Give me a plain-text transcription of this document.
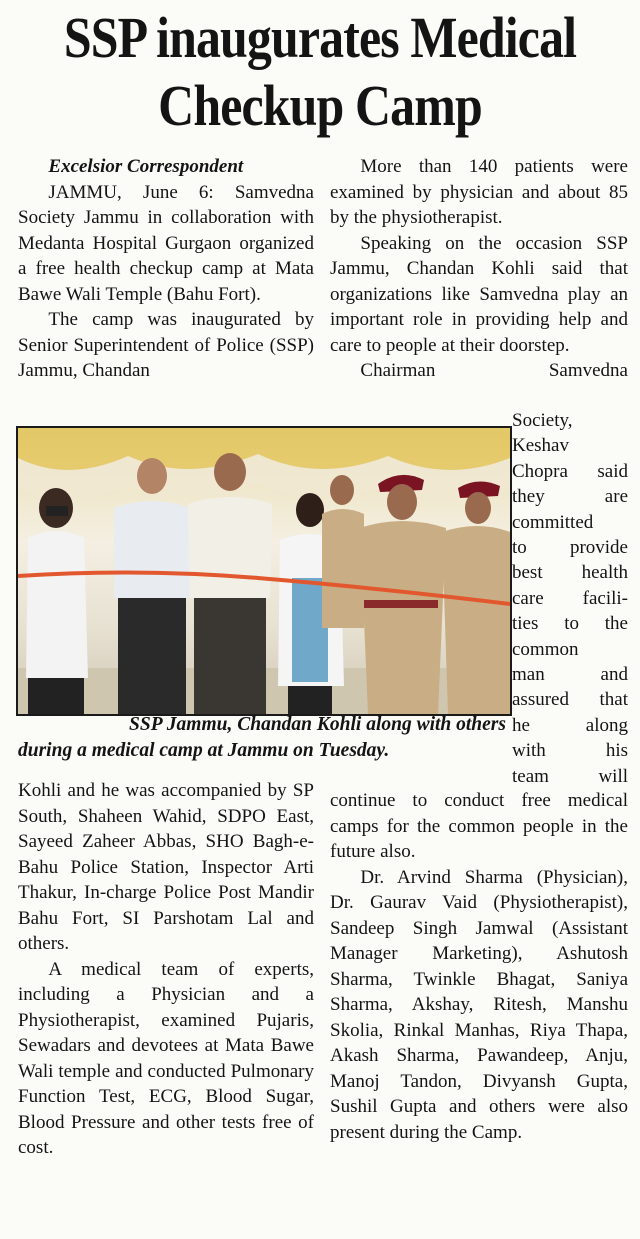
SSP inaugurates Medical
Checkup Camp

Excelsior Correspondent

JAMMU, June 6: Samvedna Society Jammu in collaboration with Medanta Hospital Gurgaon organized a free health checkup camp at Mata Bawe Wali Temple (Bahu Fort).

The camp was inaugurated by Senior Superintendent of Police (SSP) Jammu, Chandan

More than 140 patients were examined by physician and about 85 by the physiotherapist.

Speaking on the occasion SSP Jammu, Chandan Kohli said that organizations like Samvedna play an important role in providing help and care to people at their doorstep.

Chairman Samvedna

Society,

Keshav

Chopra said

they are

committed

to provide

best health

care facili-

ties to the

common

man and

assured that

he along

with his

team will

SSP Jammu, Chandan Kohli along with others
during a medical camp at Jammu on Tuesday.

Kohli and he was accompanied by SP South, Shaheen Wahid, SDPO East, Sayeed Zaheer Abbas, SHO Bagh-e-Bahu Police Station, Inspector Arti Thakur, In-charge Police Post Mandir Bahu Fort, SI Parshotam Lal and others.

A medical team of experts, including a Physician and a Physiotherapist, examined Pujaris, Sewadars and devotees at Mata Bawe Wali temple and conducted Pulmonary Function Test, ECG, Blood Sugar, Blood Pressure and other tests free of cost.

continue to conduct free medical camps for the common people in the future also.

Dr. Arvind Sharma (Physician), Dr. Gaurav Vaid (Physiotherapist), Sandeep Singh Jamwal (Assistant Manager Marketing), Ashutosh Sharma, Twinkle Bhagat, Saniya Sharma, Akshay, Ritesh, Manshu Skolia, Rinkal Manhas, Riya Thapa, Akash Sharma, Pawandeep, Anju, Manoj Tandon, Divyansh Gupta, Sushil Gupta and others were also present during the Camp.
